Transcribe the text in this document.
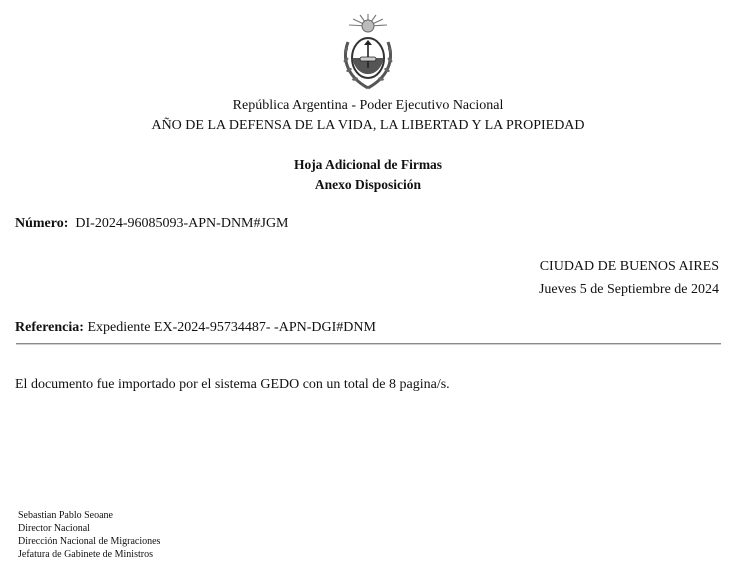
República Argentina - Poder Ejecutivo Nacional
AÑO DE LA DEFENSA DE LA VIDA, LA LIBERTAD Y LA PROPIEDAD
Hoja Adicional de Firmas
Anexo Disposición
Número: DI-2024-96085093-APN-DNM#JGM
CIUDAD DE BUENOS AIRES
Jueves 5 de Septiembre de 2024
Referencia: Expediente EX-2024-95734487- -APN-DGI#DNM
El documento fue importado por el sistema GEDO con un total de 8 pagina/s.
Sebastian Pablo Seoane
Director Nacional
Dirección Nacional de Migraciones
Jefatura de Gabinete de Ministros
